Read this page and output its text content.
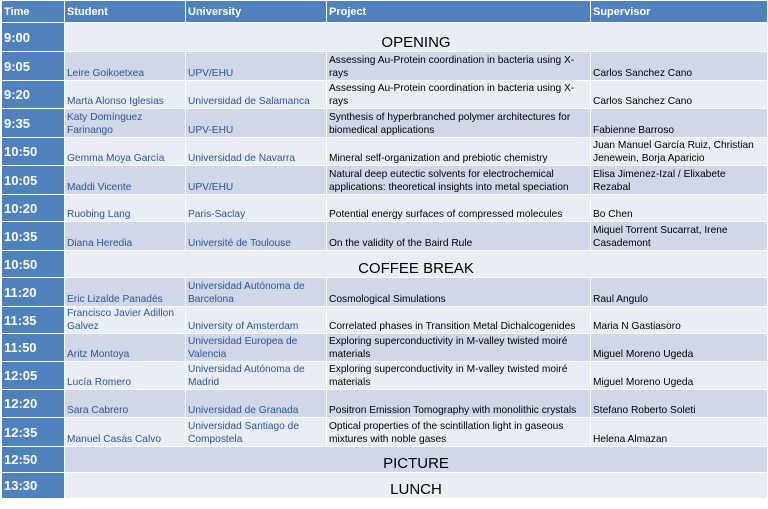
Time	Student	University	Project	Supervisor
9:00	OPENING			
9:05	Leire Goikoetxea	UPV/EHU	Assessing Au-Protein coordination in bacteria using X-rays	Carlos Sanchez Cano
9:20	Marta Alonso Iglesias	Universidad de Salamanca	Assessing Au-Protein coordination in bacteria using X-rays	Carlos Sanchez Cano
9:35	Katy Domínguez Farinango	UPV-EHU	Synthesis of hyperbranched polymer architectures for biomedical applications	Fabienne Barroso
10:50	Gemma Moya García	Universidad de Navarra	Mineral self-organization and prebiotic chemistry	Juan Manuel García Ruiz, Christian Jenewein, Borja Aparicio
10:05	Maddi Vicente	UPV/EHU	Natural deep eutectic solvents for electrochemical applications: theoretical insights into metal speciation	Elisa Jimenez-Izal / Elixabete Rezabal
10:20	Ruobing Lang	Paris-Saclay	Potential energy surfaces of compressed molecules	Bo Chen
10:35	Diana Heredia	Université de Toulouse	On the validity of the Baird Rule	Miquel Torrent Sucarrat, Irene Casademont
10:50	COFFEE BREAK			
11:20	Eric Lizalde Panadés	Universidad Autónoma de Barcelona	Cosmological Simulations	Raul Angulo
11:35	Francisco Javier Adillon Galvez	University of Amsterdam	Correlated phases in Transition Metal Dichalcogenides	Maria N Gastiasoro
11:50	Aritz Montoya	Universidad Europea de Valencia	Exploring superconductivity in M-valley twisted moiré materials	Miguel Moreno Ugeda
12:05	Lucía Romero	Universidad Autónoma de Madrid	Exploring superconductivity in M-valley twisted moiré materials	Miguel Moreno Ugeda
12:20	Sara Cabrero	Universidad de Granada	Positron Emission Tomography with monolithic crystals	Stefano Roberto Soleti
12:35	Manuel Casás Calvo	Universidad Santiago de Compostela	Optical properties of the scintillation light in gaseous mixtures with noble gases	Helena Almazan
12:50	PICTURE			
13:30	LUNCH			
